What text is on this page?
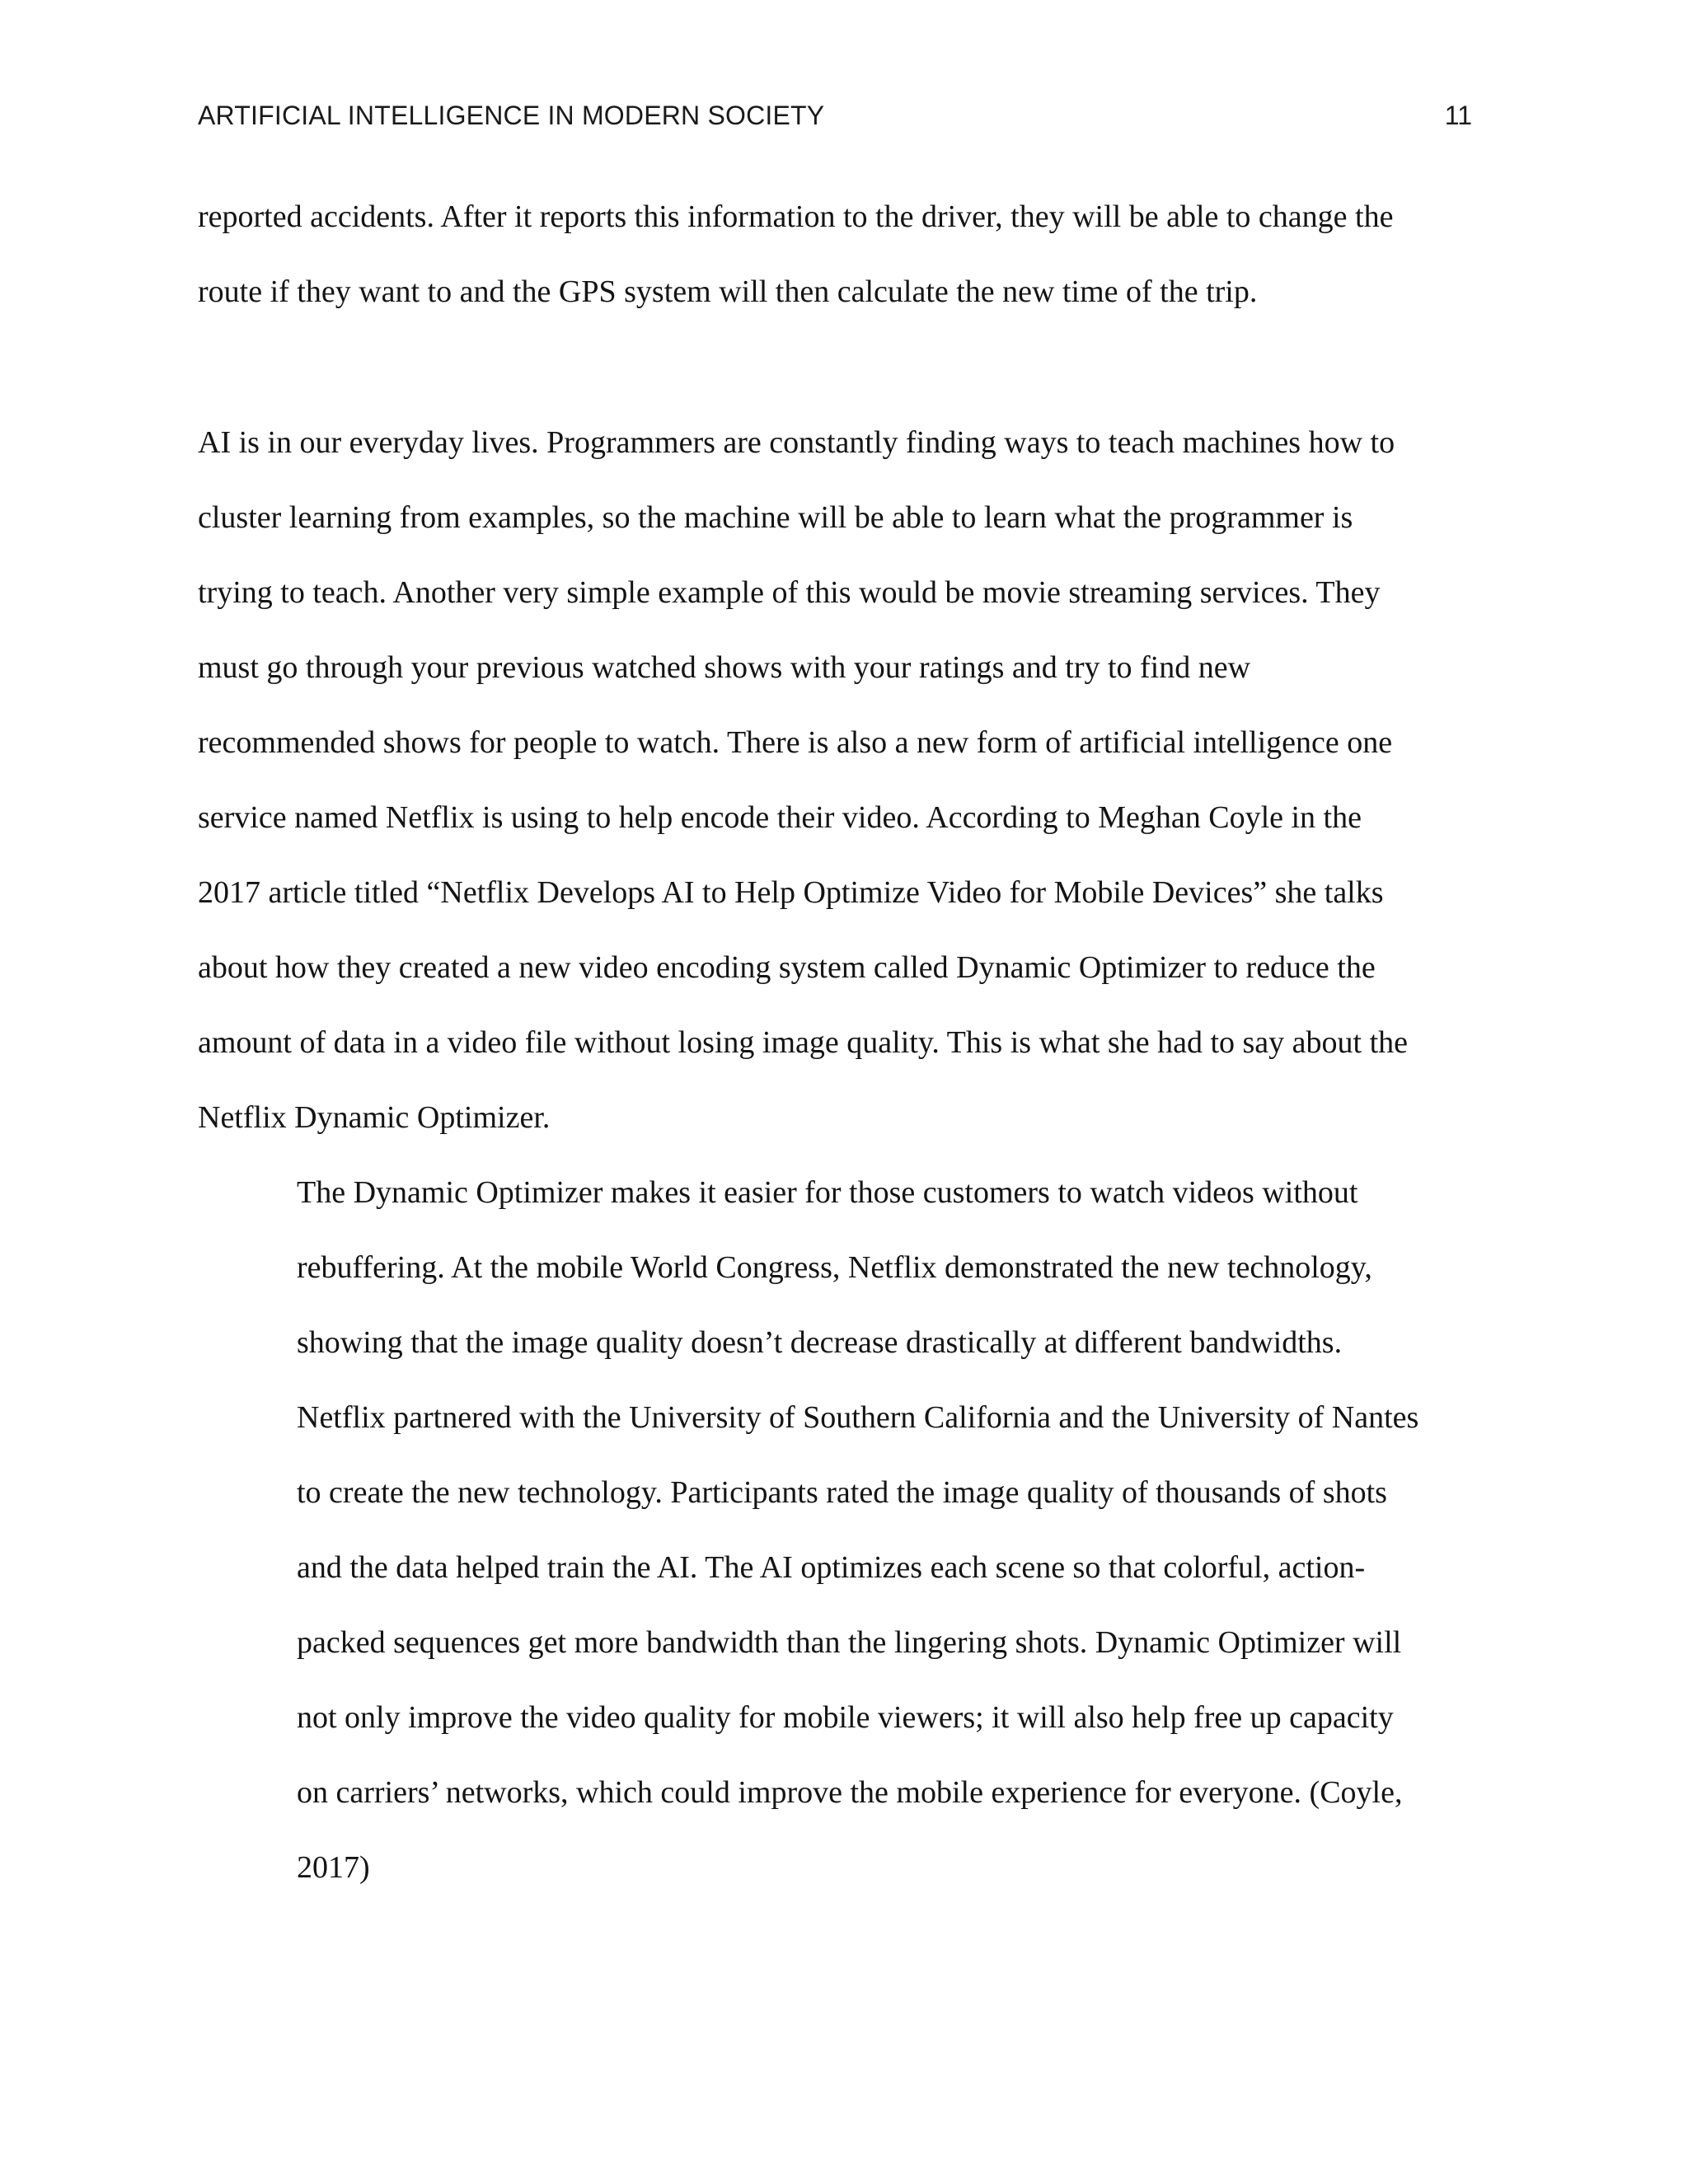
ARTIFICIAL INTELLIGENCE IN MODERN SOCIETY	11
reported accidents. After it reports this information to the driver, they will be able to change the
route if they want to and the GPS system will then calculate the new time of the trip.
AI is in our everyday lives. Programmers are constantly finding ways to teach machines how to
cluster learning from examples, so the machine will be able to learn what the programmer is
trying to teach. Another very simple example of this would be movie streaming services. They
must go through your previous watched shows with your ratings and try to find new
recommended shows for people to watch. There is also a new form of artificial intelligence one
service named Netflix is using to help encode their video. According to Meghan Coyle in the
2017 article titled “Netflix Develops AI to Help Optimize Video for Mobile Devices” she talks
about how they created a new video encoding system called Dynamic Optimizer to reduce the
amount of data in a video file without losing image quality. This is what she had to say about the
Netflix Dynamic Optimizer.
The Dynamic Optimizer makes it easier for those customers to watch videos without
rebuffering. At the mobile World Congress, Netflix demonstrated the new technology,
showing that the image quality doesn’t decrease drastically at different bandwidths.
Netflix partnered with the University of Southern California and the University of Nantes
to create the new technology. Participants rated the image quality of thousands of shots
and the data helped train the AI. The AI optimizes each scene so that colorful, action-
packed sequences get more bandwidth than the lingering shots. Dynamic Optimizer will
not only improve the video quality for mobile viewers; it will also help free up capacity
on carriers’ networks, which could improve the mobile experience for everyone. (Coyle,
2017)
